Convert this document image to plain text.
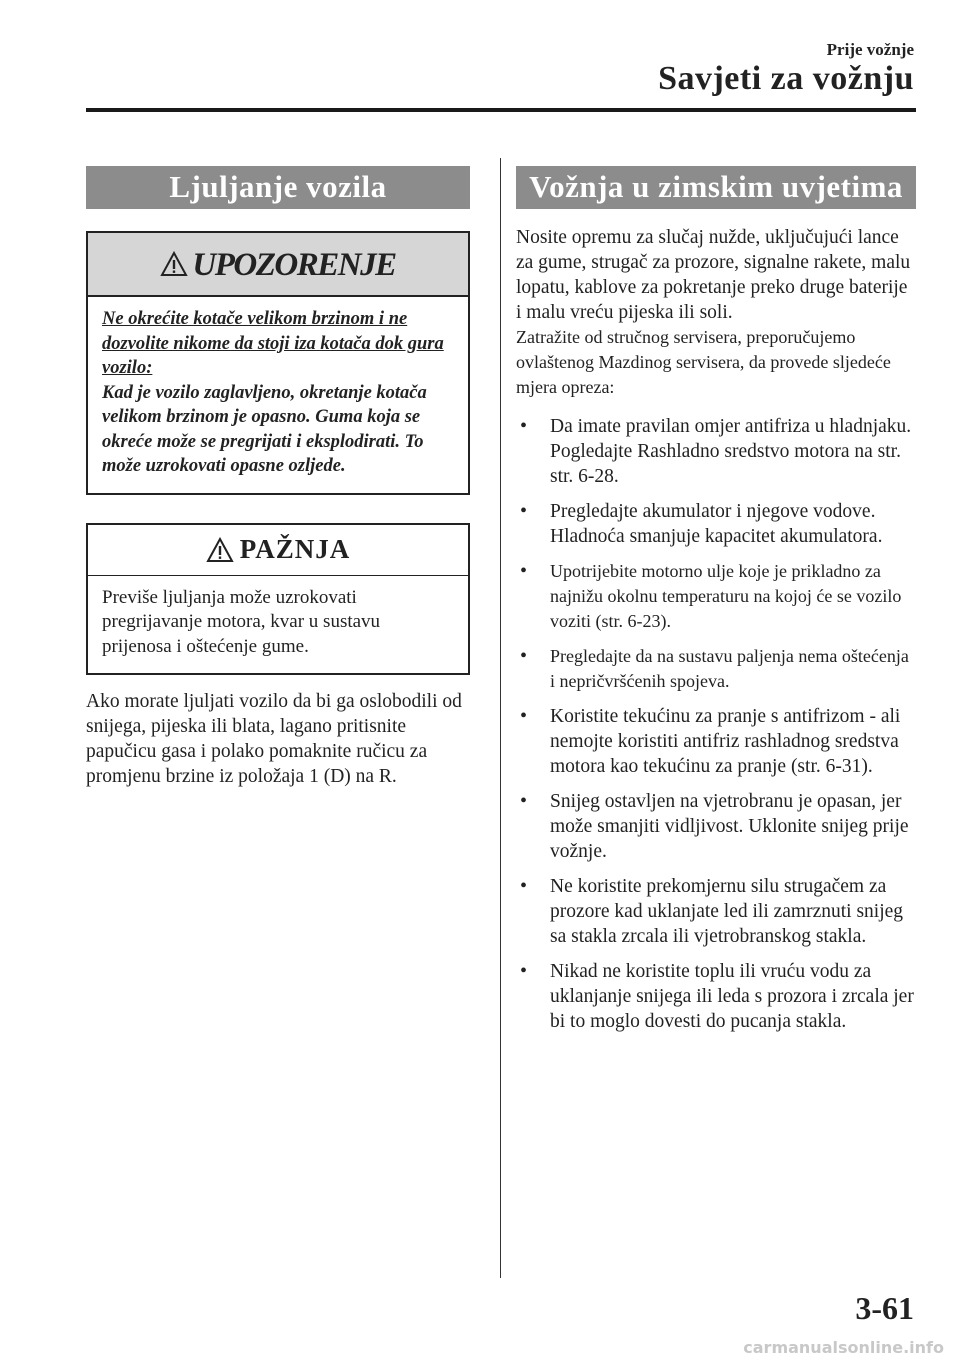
Prije vožnje
Savjeti za vožnju
Ljuljanje vozila
UPOZORENJE
Ne okrećite kotače velikom brzinom i ne dozvolite nikome da stoji iza kotača dok gura vozilo:
Kad je vozilo zaglavljeno, okretanje kotača velikom brzinom je opasno. Guma koja se okreće može se pregrijati i eksplodirati. To može uzrokovati opasne ozljede.
PAŽNJA
Previše ljuljanja može uzrokovati pregrijavanje motora, kvar u sustavu prijenosa i oštećenje gume.
Ako morate ljuljati vozilo da bi ga oslobodili od snijega, pijeska ili blata, lagano pritisnite papučicu gasa i polako pomaknite ručicu za promjenu brzine iz položaja 1 (D) na R.
Vožnja u zimskim uvjetima
Nosite opremu za slučaj nužde, uključujući lance za gume, strugač za prozore, signalne rakete, malu lopatu, kablove za pokretanje preko druge baterije i malu vreću pijeska ili soli.
Zatražite od stručnog servisera, preporučujemo ovlaštenog Mazdinog servisera, da provede sljedeće mjera opreza:
• Da imate pravilan omjer antifriza u hladnjaku.
Pogledajte Rashladno sredstvo motora na str. str. 6-28.
• Pregledajte akumulator i njegove vodove. Hladnoća smanjuje kapacitet akumulatora.
• Upotrijebite motorno ulje koje je prikladno za najnižu okolnu temperaturu na kojoj će se vozilo voziti (str. 6-23).
• Pregledajte da na sustavu paljenja nema oštećenja i nepričvršćenih spojeva.
• Koristite tekućinu za pranje s antifrizom - ali nemojte koristiti antifriz rashladnog sredstva motora kao tekućinu za pranje (str. 6-31).
• Snijeg ostavljen na vjetrobranu je opasan, jer može smanjiti vidljivost. Uklonite snijeg prije vožnje.
• Ne koristite prekomjernu silu strugačem za prozore kad uklanjate led ili zamrznuti snijeg sa stakla zrcala ili vjetrobranskog stakla.
• Nikad ne koristite toplu ili vruću vodu za uklanjanje snijega ili leda s prozora i zrcala jer bi to moglo dovesti do pucanja stakla.
3-61
carmanualsonline.info
